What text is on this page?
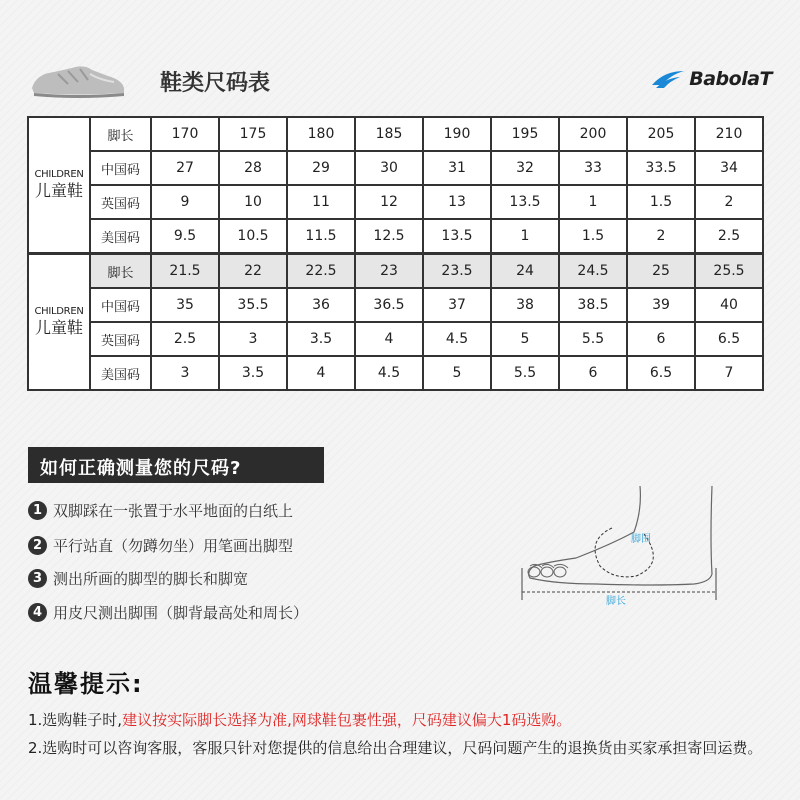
鞋类尺码表	BabolaT
CHILDREN
儿童鞋	脚长	170	175	180	185	190	195	200	205	210
	中国码	27	28	29	30	31	32	33	33.5	34
	英国码	9	10	11	12	13	13.5	1	1.5	2
	美国码	9.5	10.5	11.5	12.5	13.5	1	1.5	2	2.5
CHILDREN
儿童鞋	脚长	21.5	22	22.5	23	23.5	24	24.5	25	25.5
	中国码	35	35.5	36	36.5	37	38	38.5	39	40
	英国码	2.5	3	3.5	4	4.5	5	5.5	6	6.5
	美国码	3	3.5	4	4.5	5	5.5	6	6.5	7
如何正确测量您的尺码?
1 双脚踩在一张置于水平地面的白纸上
2 平行站直（勿蹲勿坐）用笔画出脚型
3 测出所画的脚型的脚长和脚宽
4 用皮尺测出脚围（脚背最高处和周长）
脚围
脚长
温馨提示:
1.选购鞋子时,建议按实际脚长选择为准,网球鞋包裹性强，尺码建议偏大1码选购。
2.选购时可以咨询客服，客服只针对您提供的信息给出合理建议，尺码问题产生的退换货由买家承担寄回运费。
